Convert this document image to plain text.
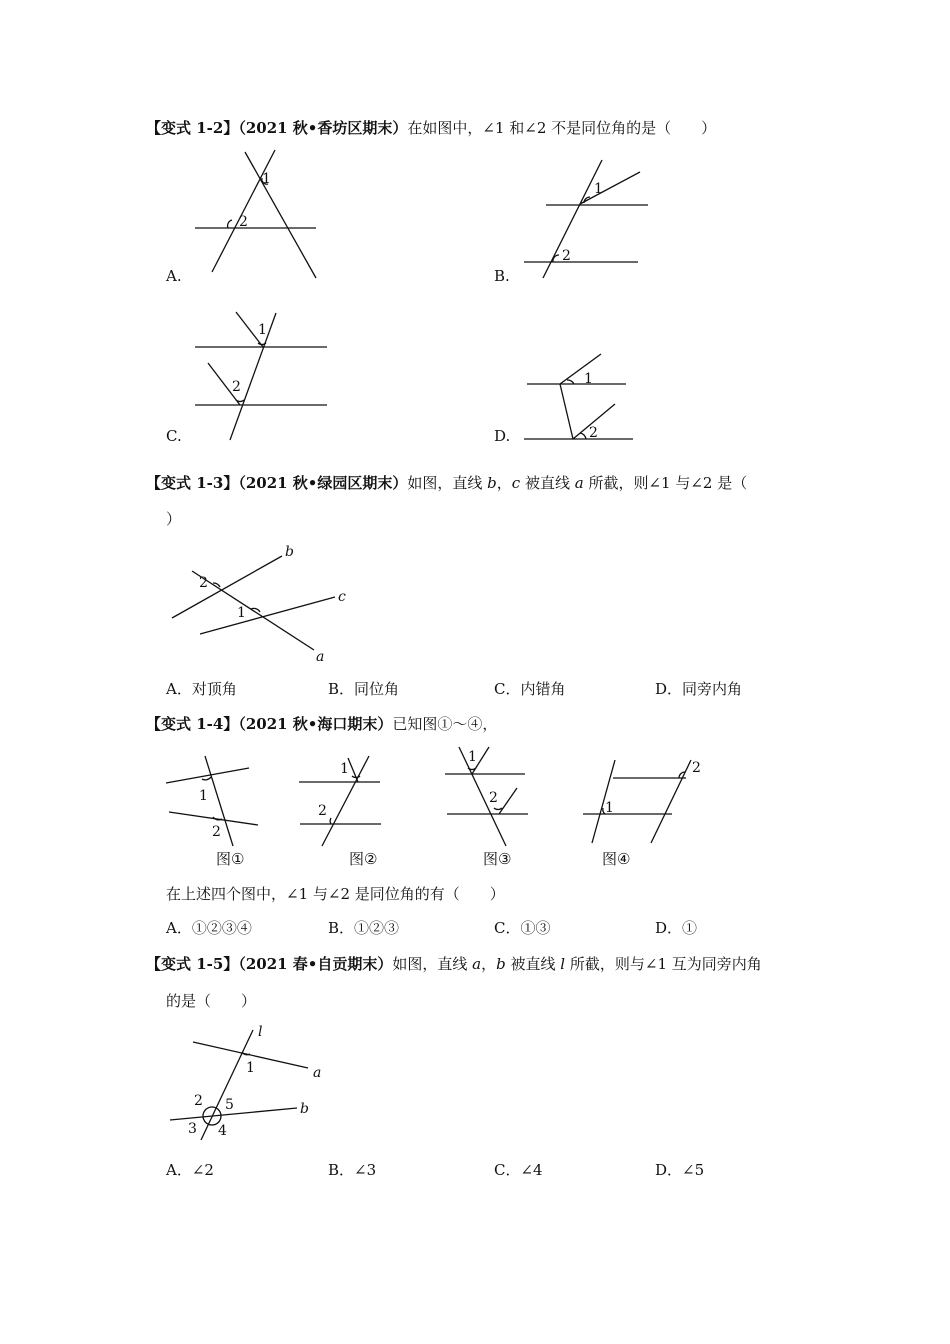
【变式 1-2】（2021 秋•香坊区期末）在如图中，∠1 和∠2 不是同位角的是（　　）
A.	B.
C.	D.
1
2
1
2
1
2	1
2
b
c
a
2
1
1
2
1
2
1
2
1
2
l
a
b
1
2
3 4
5
【变式 1-3】（2021 秋•绿园区期末）如图，直线 b，c 被直线 a 所截，则∠1 与∠2 是（
）
A．对顶角	B．同位角	C．内错角	D．同旁内角
【变式 1-4】（2021 秋•海口期末）已知图①～④，
图①	图②	图③	图④
在上述四个图中，∠1 与∠2 是同位角的有（　　）
A．①②③④	B．①②③	C．①③	D．①
【变式 1-5】（2021 春•自贡期末）如图，直线 a，b 被直线 l 所截，则与∠1 互为同旁内角
的是（　　）
A．∠2	B．∠3	C．∠4	D．∠5
